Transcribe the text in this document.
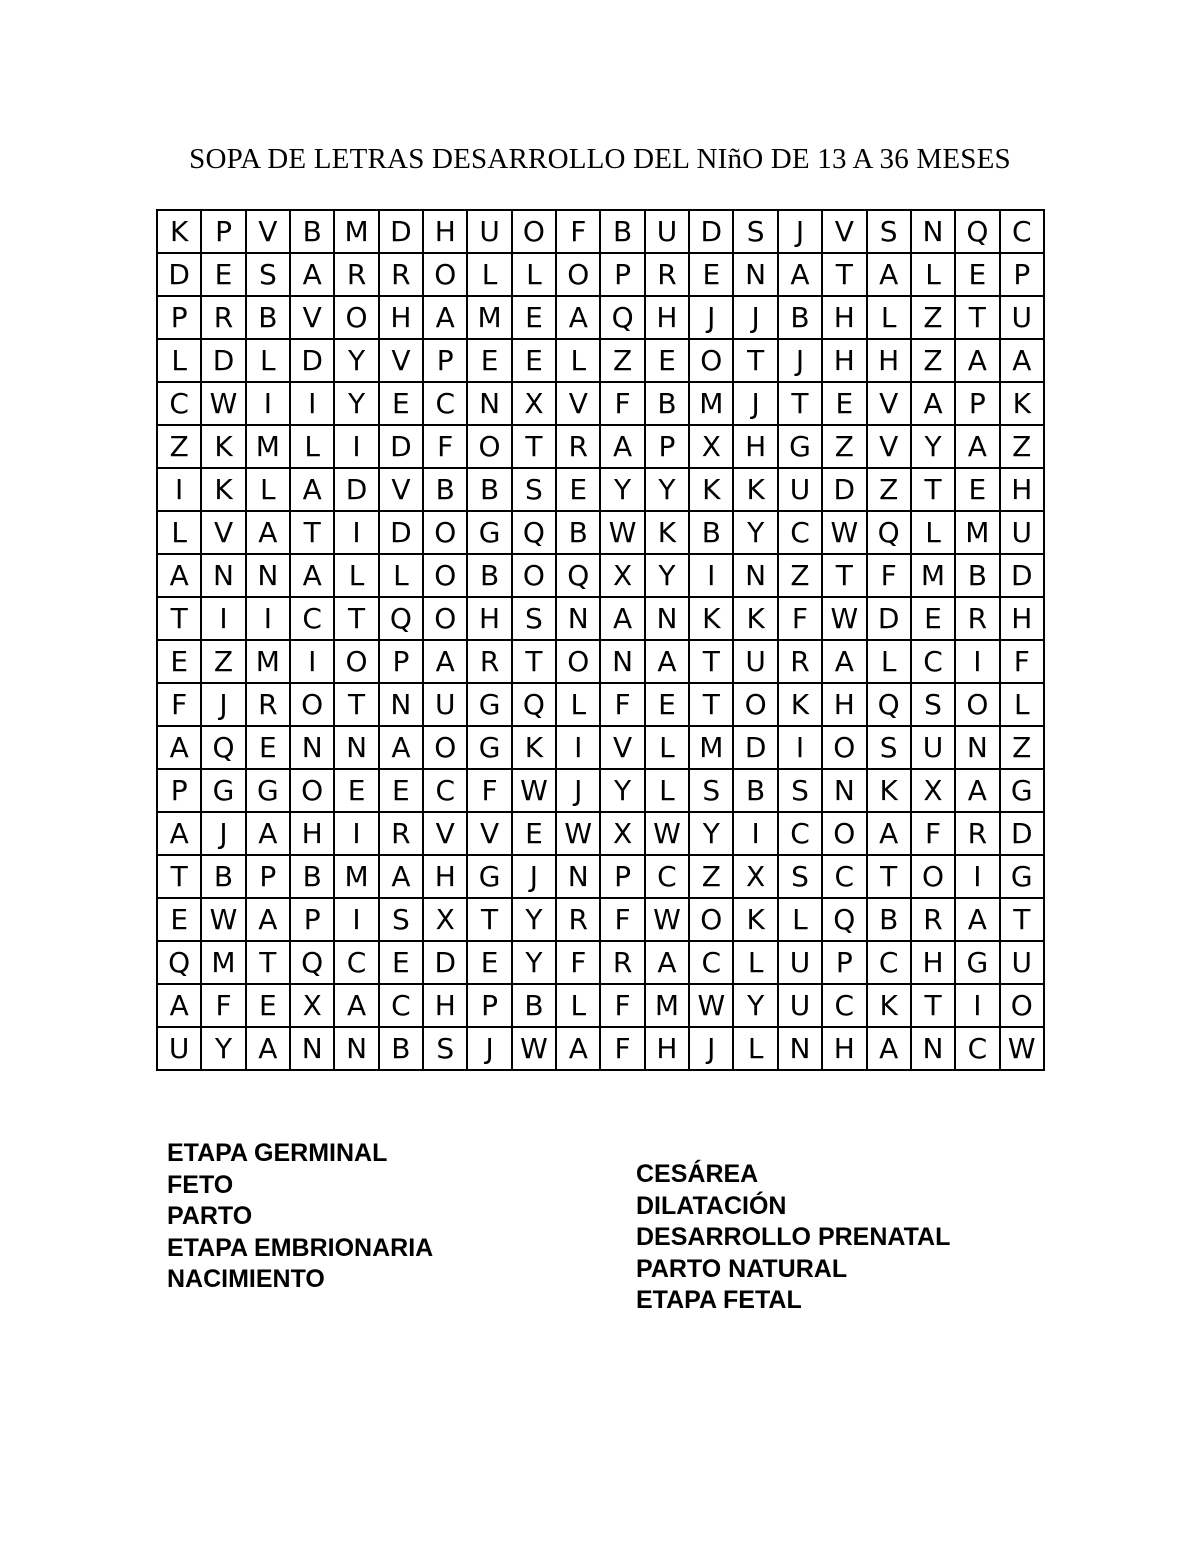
SOPA DE LETRAS DESARROLLO DEL NIñO DE 13 A 36 MESES
K	P	V	B	M	D	H	U	O	F	B	U	D	S	J	V	S	N	Q	C
D	E	S	A	R	R	O	L	L	O	P	R	E	N	A	T	A	L	E	P
P	R	B	V	O	H	A	M	E	A	Q	H	J	J	B	H	L	Z	T	U
L	D	L	D	Y	V	P	E	E	L	Z	E	O	T	J	H	H	Z	A	A
C	W	I	I	Y	E	C	N	X	V	F	B	M	J	T	E	V	A	P	K
Z	K	M	L	I	D	F	O	T	R	A	P	X	H	G	Z	V	Y	A	Z
I	K	L	A	D	V	B	B	S	E	Y	Y	K	K	U	D	Z	T	E	H
L	V	A	T	I	D	O	G	Q	B	W	K	B	Y	C	W	Q	L	M	U
A	N	N	A	L	L	O	B	O	Q	X	Y	I	N	Z	T	F	M	B	D
T	I	I	C	T	Q	O	H	S	N	A	N	K	K	F	W	D	E	R	H
E	Z	M	I	O	P	A	R	T	O	N	A	T	U	R	A	L	C	I	F
F	J	R	O	T	N	U	G	Q	L	F	E	T	O	K	H	Q	S	O	L
A	Q	E	N	N	A	O	G	K	I	V	L	M	D	I	O	S	U	N	Z
P	G	G	O	E	E	C	F	W	J	Y	L	S	B	S	N	K	X	A	G
A	J	A	H	I	R	V	V	E	W	X	W	Y	I	C	O	A	F	R	D
T	B	P	B	M	A	H	G	J	N	P	C	Z	X	S	C	T	O	I	G
E	W	A	P	I	S	X	T	Y	R	F	W	O	K	L	Q	B	R	A	T
Q	M	T	Q	C	E	D	E	Y	F	R	A	C	L	U	P	C	H	G	U
A	F	E	X	A	C	H	P	B	L	F	M	W	Y	U	C	K	T	I	O
U	Y	A	N	N	B	S	J	W	A	F	H	J	L	N	H	A	N	C	W
ETAPA GERMINAL
FETO
PARTO
ETAPA EMBRIONARIA
NACIMIENTO
CESÁREA
DILATACIÓN
DESARROLLO PRENATAL
PARTO NATURAL
ETAPA FETAL
